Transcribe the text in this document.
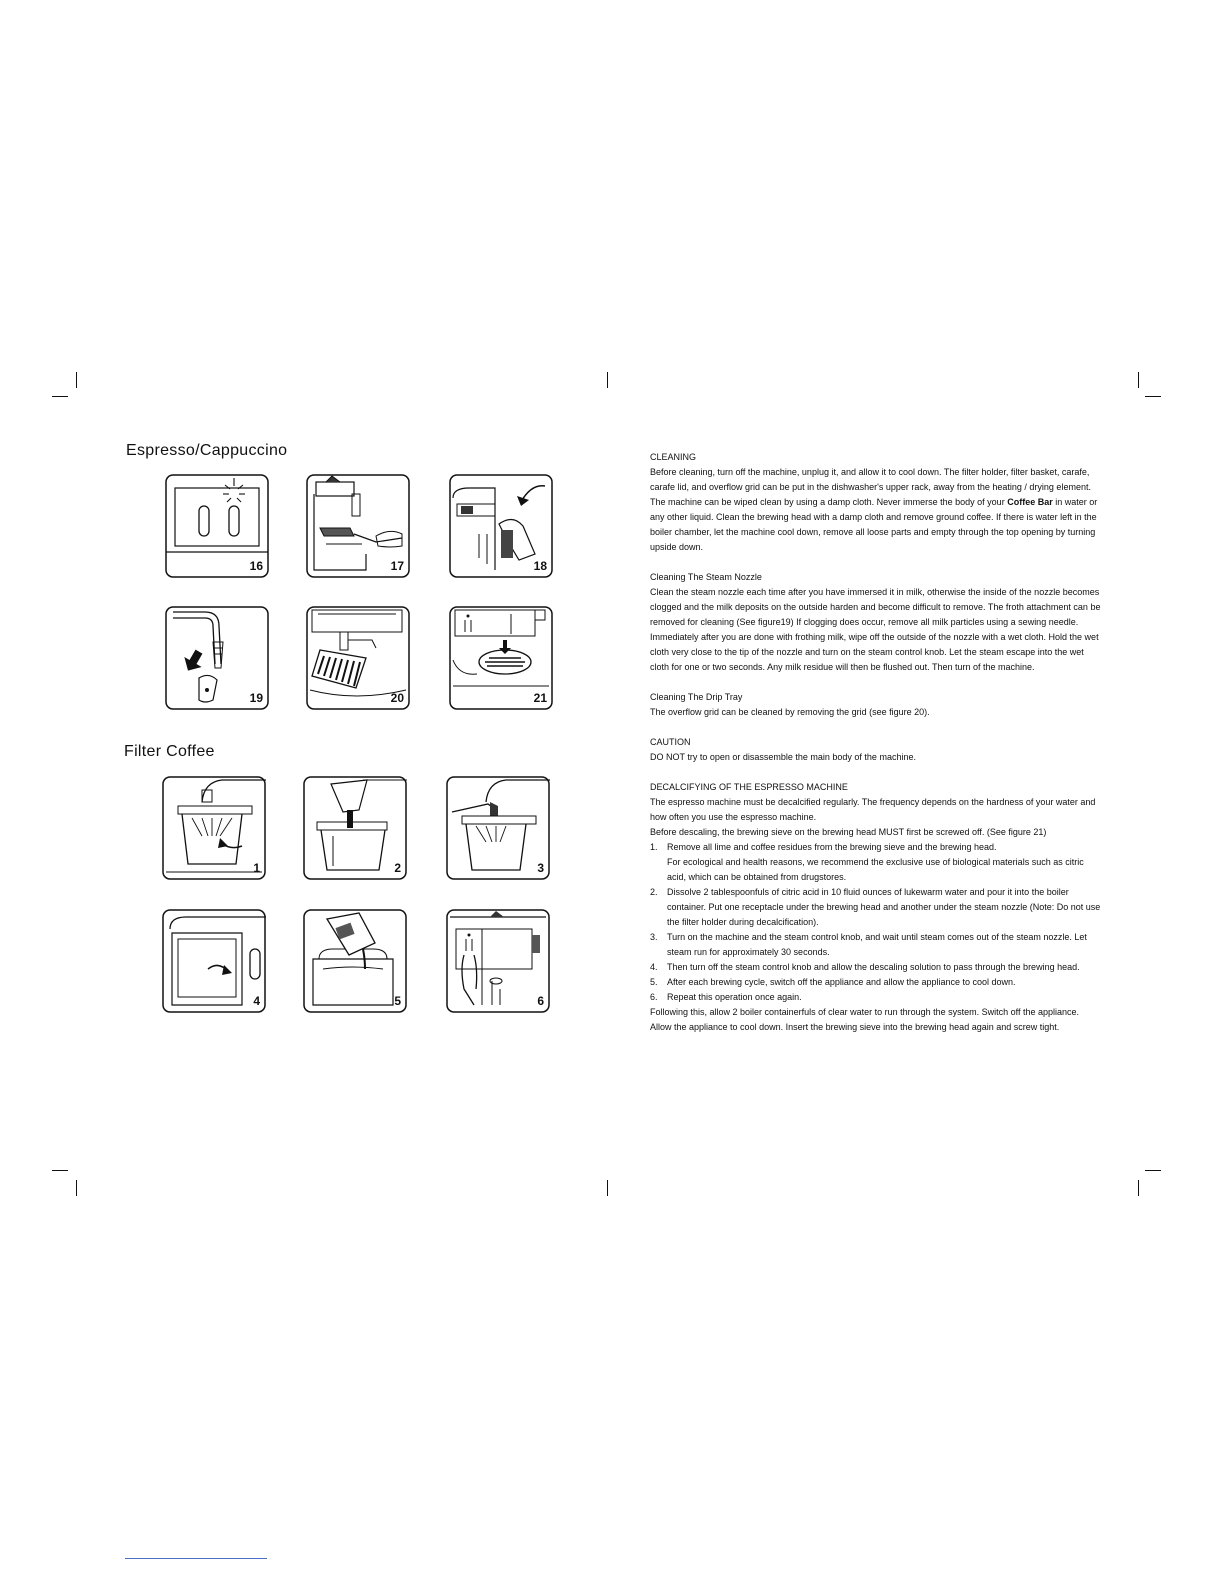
Espresso/Cappuccino
16	17	18
19	20	21
Filter Coffee
1	2	3
4	5	6

CLEANING

Before cleaning, turn off the machine, unplug it, and allow it to cool down. The filter holder, filter basket, carafe, carafe lid, and overflow grid can be put in the dishwasher's upper rack, away from the heating / drying element. The machine can be wiped clean by using a damp cloth. Never immerse the body of your Coffee Bar in water or any other liquid. Clean the brewing head with a damp cloth and remove ground coffee. If there is water left in the boiler chamber, let the machine cool down, remove all loose parts and empty through the top opening by turning upside down.

Cleaning The Steam Nozzle

Clean the steam nozzle each time after you have immersed it in milk, otherwise the inside of the nozzle becomes clogged and the milk deposits on the outside harden and become difficult to remove. The froth attachment can be removed for cleaning (See figure19) If clogging does occur, remove all milk particles using a sewing needle. Immediately after you are done with frothing milk, wipe off the outside of the nozzle with a wet cloth. Hold the wet cloth very close to the tip of the nozzle and turn on the steam control knob. Let the steam escape into the wet cloth for one or two seconds. Any milk residue will then be flushed out. Then turn of the machine.

Cleaning The Drip Tray

The overflow grid can be cleaned by removing the grid (see figure 20).

CAUTION

DO NOT try to open or disassemble the main body of the machine.

DECALCIFYING OF THE ESPRESSO MACHINE

The espresso machine must be decalcified regularly. The frequency depends on the hardness of your water and how often you use the espresso machine.

Before descaling, the brewing sieve on the brewing head MUST first be screwed off. (See figure 21)

1. Remove all lime and coffee residues from the brewing sieve and the brewing head.
For ecological and health reasons, we recommend the exclusive use of biological materials such as citric acid, which can be obtained from drugstores.
2. Dissolve 2 tablespoonfuls of citric acid in 10 fluid ounces of lukewarm water and pour it into the boiler container. Put one receptacle under the brewing head and another under the steam nozzle (Note: Do not use the filter holder during decalcification).
3. Turn on the machine and the steam control knob, and wait until steam comes out of the steam nozzle. Let steam run for approximately 30 seconds.
4. Then turn off the steam control knob and allow the descaling solution to pass through the brewing head.
5. After each brewing cycle, switch off the appliance and allow the appliance to cool down.
6. Repeat this operation once again.

Following this, allow 2 boiler containerfuls of clear water to run through the system. Switch off the appliance. Allow the appliance to cool down. Insert the brewing sieve into the brewing head again and screw tight.
